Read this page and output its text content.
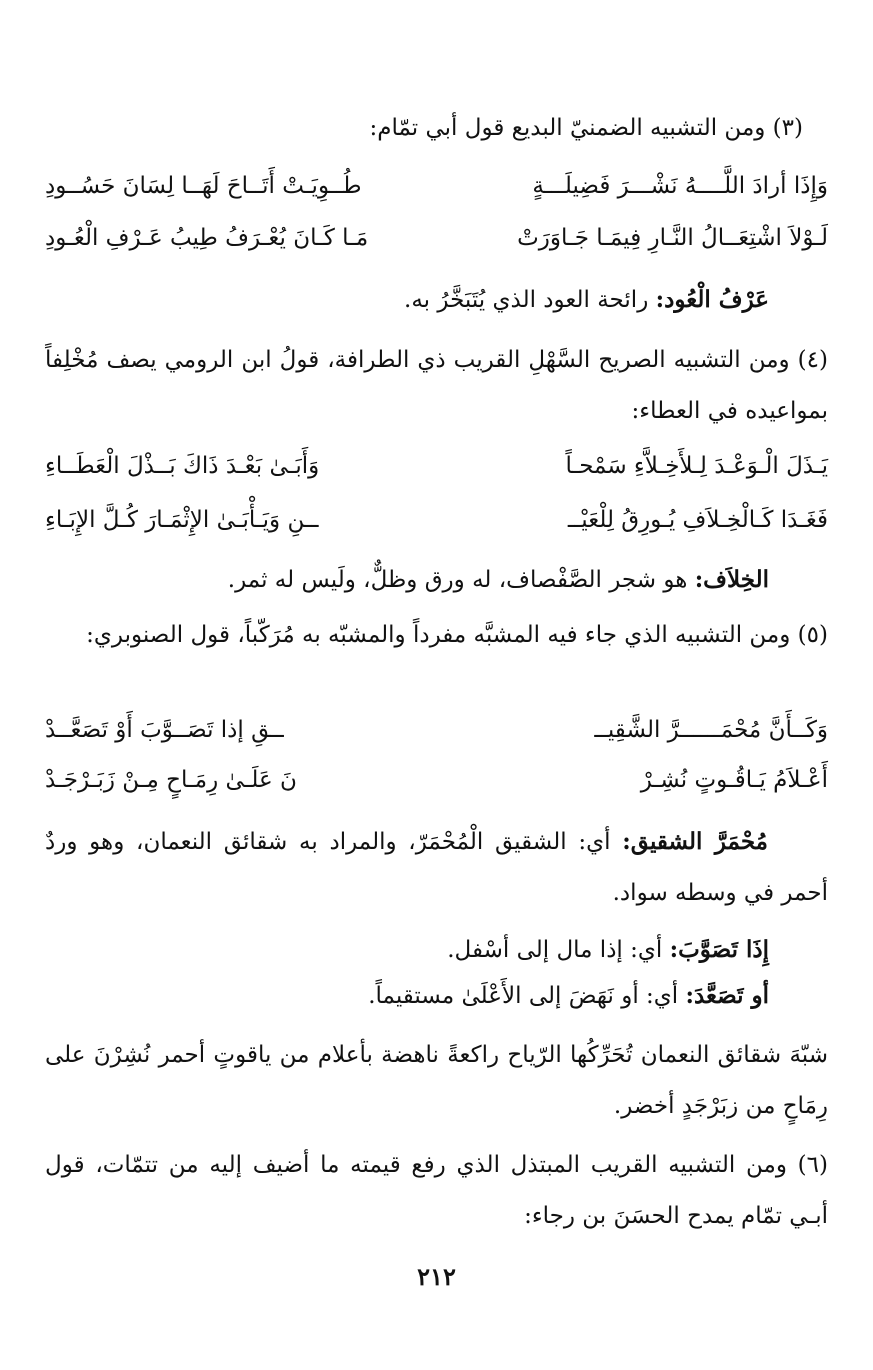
(٣) ومن التشبيه الضمنيّ البديع قول أبي تمّام:
وَإِذَا أرادَ اللَّــــهُ نَشْـــرَ فَضِيلَـــةٍ
طُــوِيَـتْ أَتَــاحَ لَهَــا لِسَانَ حَسُــودِ
لَـوْلاَ اشْتِعَــالُ النَّـارِ فِيمَـا جَـاوَرَتْ
مَـا كَـانَ يُعْـرَفُ طِيبُ عَـرْفِ الْعُـودِ
عَرْفُ الْعُود: رائحة العود الذي يُتَبَخَّرُ به.
(٤) ومن التشبيه الصريح السَّهْلِ القريب ذي الطرافة، قولُ ابن الرومي يصف مُخْلِفاً بمواعيده في العطاء:
يَـذَلَ الْـوَعْـدَ لِـلأَخِـلاَّءِ سَمْحـاً
وَأَبَـىٰ بَعْـدَ ذَاكَ بَــذْلَ الْعَطَــاءِ
فَغَـدَا كَـالْخِـلاَفِ يُـورِقُ لِلْعَيْــ
ــنِ وَيَـأْبَـىٰ الإِثْمَـارَ كُـلَّ الإِبَـاءِ
الخِلاَف: هو شجر الصَّفْصاف، له ورق وظلٌّ، ولَيس له ثمر.
(٥) ومن التشبيه الذي جاء فيه المشبَّه مفرداً والمشبّه به مُرَكّباً، قول الصنوبري:
وَكَــأَنَّ مُحْمَــــــرَّ الشَّقِيــ
ــقِ إذا تَصَــوَّبَ أَوْ تَصَعَّــدْ
أَعْـلاَمُ يَـاقُـوتٍ نُشِـرْ
نَ عَلَـىٰ رِمَـاحٍ مِـنْ زَبَـرْجَـدْ
مُحْمَرَّ الشقيق: أي: الشقيق الْمُحْمَرّ، والمراد به شقائق النعمان، وهو وردٌ أحمر في وسطه سواد.
إِذَا تَصَوَّبَ: أي: إذا مال إلى أسْفل.
أو تَصَعَّدَ: أي: أو نَهَضَ إلى الأَعْلَىٰ مستقيماً.
شبّهَ شقائق النعمان تُحَرِّكُها الرّياح راكعةً ناهضة بأعلام من ياقوتٍ أحمر نُشِرْنَ على رِمَاحٍ من زبَرْجَدٍ أخضر.
(٦) ومن التشبيه القريب المبتذل الذي رفع قيمته ما أضيف إليه من تتمّات، قول أبـي تمّام يمدح الحسَنَ بن رجاء:
٢١٢
